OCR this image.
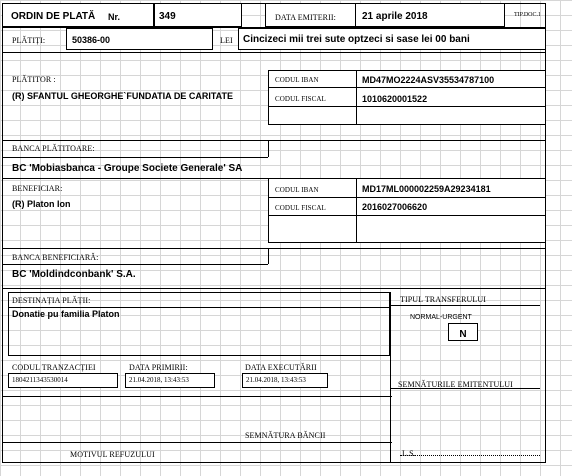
ORDIN DE PLATĂ Nr.	349	DATA EMITERII:	21 aprile 2018	TIP.DOC.1
PLĂTIȚI:	50386-00	LEI Cincizeci mii trei sute optzeci si sase lei 00 bani
PLĂTITOR :
(R) SFANTUL GHEORGHE`FUNDATIA DE CARITATE
CODUL IBAN	MD47MO2224ASV35534787100
CODUL FISCAL	1010620001522
BANCA PLĂTITOARE:
BC 'Mobiasbanca - Groupe Societe Generale' SA
BENEFICIAR:
(R) Platon Ion
CODUL IBAN	MD17ML000002259A29234181
CODUL FISCAL	2016027006620
BANCA BENEFICIARĂ:
BC 'Moldindconbank' S.A.
DESTINAȚIA PLĂȚII:
Donatie pu familia Platon
TIPUL TRANSFERULUI
NORMAL-URGENT
N
CODUL TRANZACȚIEI
1804211343530014
DATA PRIMIRII:
21.04.2018, 13:43:53
DATA EXECUTĂRII
21.04.2018, 13:43:53	SEMNĂTURILE EMITENTULUI
SEMNĂTURA BĂNCII
MOTIVUL REFUZULUI	L.S.
